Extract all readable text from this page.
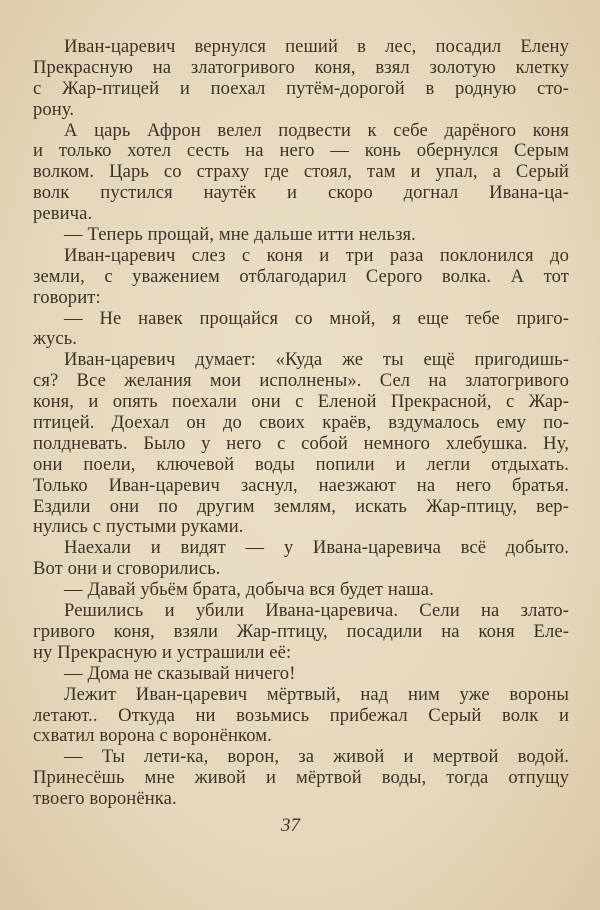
Иван-царевич вернулся пеший в лес, посадил Елену
Прекрасную на златогривого коня, взял золотую клетку
с Жар-птицей и поехал путём-дорогой в родную сто-
рону.
А царь Афрон велел подвести к себе дарёного коня
и только хотел сесть на него — конь обернулся Серым
волком. Царь со страху где стоял, там и упал, а Серый
волк пустился наутёк и скоро догнал Ивана-ца-
ревича.
— Теперь прощай, мне дальше итти нельзя.
Иван-царевич слез с коня и три раза поклонился до
земли, с уважением отблагодарил Серого волка. А тот
говорит:
— Не навек прощайся со мной, я еще тебе приго-
жусь.
Иван-царевич думает: «Куда же ты ещё пригодишь-
ся? Все желания мои исполнены». Сел на златогривого
коня, и опять поехали они с Еленой Прекрасной, с Жар-
птицей. Доехал он до своих краёв, вздумалось ему по-
полдневать. Было у него с собой немного хлебушка. Ну,
они поели, ключевой воды попили и легли отдыхать.
Только Иван-царевич заснул, наезжают на него братья.
Ездили они по другим землям, искать Жар-птицу, вер-
нулись с пустыми руками.
Наехали и видят — у Ивана-царевича всё добыто.
Вот они и сговорились.
— Давай убьём брата, добыча вся будет наша.
Решились и убили Ивана-царевича. Сели на злато-
гривого коня, взяли Жар-птицу, посадили на коня Еле-
ну Прекрасную и устрашили её:
— Дома не сказывай ничего!
Лежит Иван-царевич мёртвый, над ним уже вороны
летают.. Откуда ни возьмись прибежал Серый волк и
схватил ворона с воронёнком.
— Ты лети-ка, ворон, за живой и мертвой водой.
Принесёшь мне живой и мёртвой воды, тогда отпущу
твоего воронёнка.
37
